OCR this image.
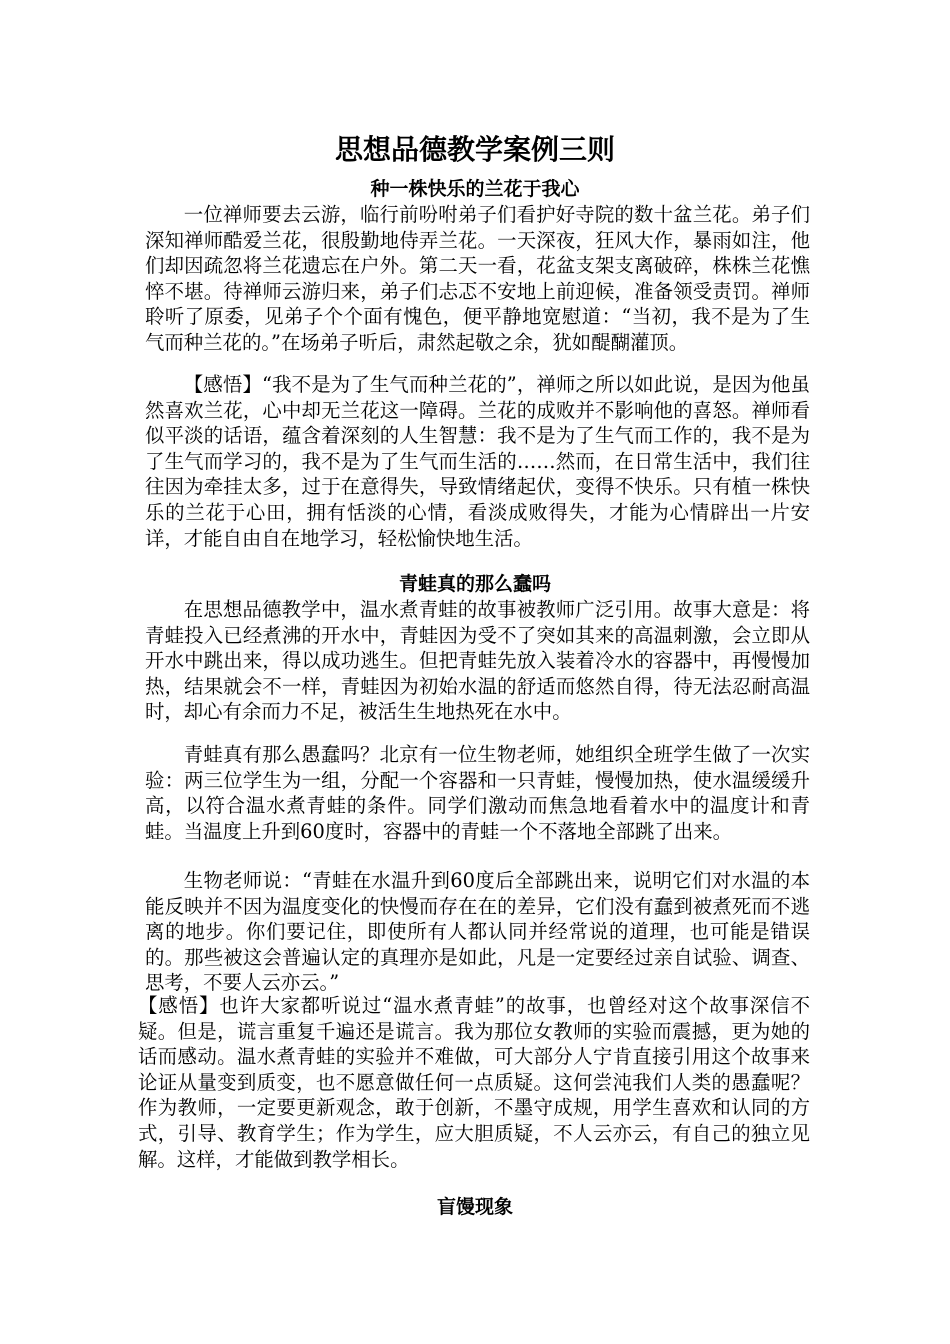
思想品德教学案例三则
种一株快乐的兰花于我心

一位禅师要去云游，临行前吩咐弟子们看护好寺院的数十盆兰花。弟子们深知禅师酷爱兰花，很殷勤地侍弄兰花。一天深夜，狂风大作，暴雨如注，他们却因疏忽将兰花遗忘在户外。第二天一看，花盆支架支离破碎，株株兰花憔悴不堪。待禅师云游归来，弟子们忐忑不安地上前迎候，准备领受责罚。禅师聆听了原委，见弟子个个面有愧色，便平静地宽慰道：“当初，我不是为了生气而种兰花的。”在场弟子听后，肃然起敬之余，犹如醍醐灌顶。

【感悟】“我不是为了生气而种兰花的”，禅师之所以如此说，是因为他虽然喜欢兰花，心中却无兰花这一障碍。兰花的成败并不影响他的喜怒。禅师看似平淡的话语，蕴含着深刻的人生智慧：我不是为了生气而工作的，我不是为了生气而学习的，我不是为了生气而生活的……然而，在日常生活中，我们往往因为牵挂太多，过于在意得失，导致情绪起伏，变得不快乐。只有植一株快乐的兰花于心田，拥有恬淡的心情，看淡成败得失，才能为心情辟出一片安详，才能自由自在地学习，轻松愉快地生活。

青蛙真的那么蠢吗

在思想品德教学中，温水煮青蛙的故事被教师广泛引用。故事大意是：将青蛙投入已经煮沸的开水中，青蛙因为受不了突如其来的高温刺激，会立即从开水中跳出来，得以成功逃生。但把青蛙先放入装着冷水的容器中，再慢慢加热，结果就会不一样，青蛙因为初始水温的舒适而悠然自得，待无法忍耐高温时，却心有余而力不足，被活生生地热死在水中。

青蛙真有那么愚蠢吗？北京有一位生物老师，她组织全班学生做了一次实验：两三位学生为一组，分配一个容器和一只青蛙，慢慢加热，使水温缓缓升高，以符合温水煮青蛙的条件。同学们激动而焦急地看着水中的温度计和青蛙。当温度上升到60度时，容器中的青蛙一个不落地全部跳了出来。

生物老师说：“青蛙在水温升到60度后全部跳出来，说明它们对水温的本能反映并不因为温度变化的快慢而存在在的差异，它们没有蠢到被煮死而不逃离的地步。你们要记住，即使所有人都认同并经常说的道理，也可能是错误的。那些被这会普遍认定的真理亦是如此，凡是一定要经过亲自试验、调查、思考，不要人云亦云。”

【感悟】也许大家都听说过“温水煮青蛙”的故事，也曾经对这个故事深信不疑。但是，谎言重复千遍还是谎言。我为那位女教师的实验而震撼，更为她的话而感动。温水煮青蛙的实验并不难做，可大部分人宁肯直接引用这个故事来论证从量变到质变，也不愿意做任何一点质疑。这何尝沌我们人类的愚蠢呢？作为教师，一定要更新观念，敢于创新，不墨守成规，用学生喜欢和认同的方式，引导、教育学生；作为学生，应大胆质疑，不人云亦云，有自己的独立见解。这样，才能做到教学相长。

盲馒现象
